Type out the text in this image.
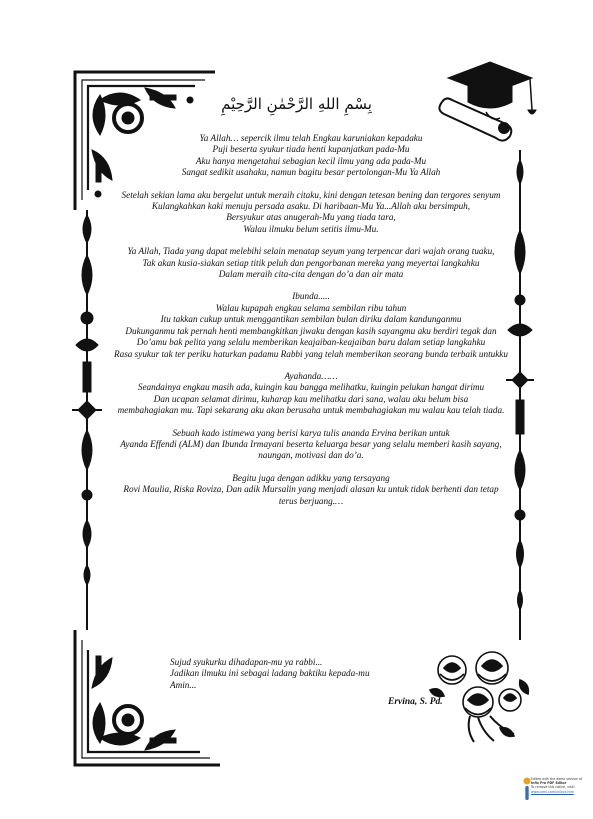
بِسْمِ اللهِ الرَّحْمٰنِ الرَّحِيْمِ
Ya Allah… sepercik ilmu telah Engkau karuniakan kepadaku
Puji beserta syukur tiada henti kupanjatkan pada-Mu
Aku hanya mengetahui sebagian kecil ilmu yang ada pada-Mu
Sangat sedikit usahaku, namun bagitu besar pertolongan-Mu Ya Allah
Setelah sekian lama aku bergelut untuk meraih citaku, kini dengan tetesan bening dan tergores senyum
Kulangkahkan kaki menuju persada asaku. Di haribaan-Mu Ya...Allah aku bersimpuh,
Bersyukur atas anugerah-Mu yang tiada tara,
Walau ilmuku belum setitis ilmu-Mu.
Ya Allah, Tiada yang dapat melebihi selain menatap seyum yang terpencar dari wajah orang tuaku,
Tak akan kusia-siakan setiap titik peluh dan pengorbanan mereka yang meyertai langkahku
Dalam meraih cita-cita dengan do’a dan air mata
Ibunda.....
Walau kupapah engkau selama sembilan ribu tahun
Itu takkan cukup untuk menggantikan sembilan bulan diriku dalam kandunganmu
Dukunganmu tak pernah henti membangkitkan jiwaku dengan kasih sayangmu aku berdiri tegak dan
Do’amu bak pelita yang selalu memberikan keajaiban-keajaiban baru dalam setiap langkahku
Rasa syukur tak ter periku haturkan padamu Rabbi yang telah memberikan seorang bunda terbaik untukku
Ayahanda……
Seandainya engkau masih ada, kuingin kau bangga melihatku, kuingin pelukan hangat dirimu
Dan ucapan selamat dirimu, kuharap kau melihatku dari sana, walau aku belum bisa
membahagiakan mu. Tapi sekarang aku akan berusaha untuk membahagiakan mu walau kau telah tiada.
Sebuah kado istimewa yang berisi karya tulis ananda Ervina berikan untuk
Ayanda Effendi (ALM) dan Ibunda Irmayani beserta keluarga besar yang selalu memberi kasih sayang, naungan, motivasi dan do’a.
Begitu juga dengan adikku yang tersayang
Rovi Maulia, Riska Roviza, Dan adik Mursalin yang menjadi alasan ku untuk tidak berhenti dan tetap terus berjuang.…
Sujud syukurku dihadapan-mu ya rabbi...
Jadikan ilmuku ini sebagai ladang baktiku kepada-mu
Amin...
Ervina, S. Pd.
Edited with the demo version of
Infix Pro PDF Editor
To remove this notice, visit:
www.iceni.com/unlock.htm
